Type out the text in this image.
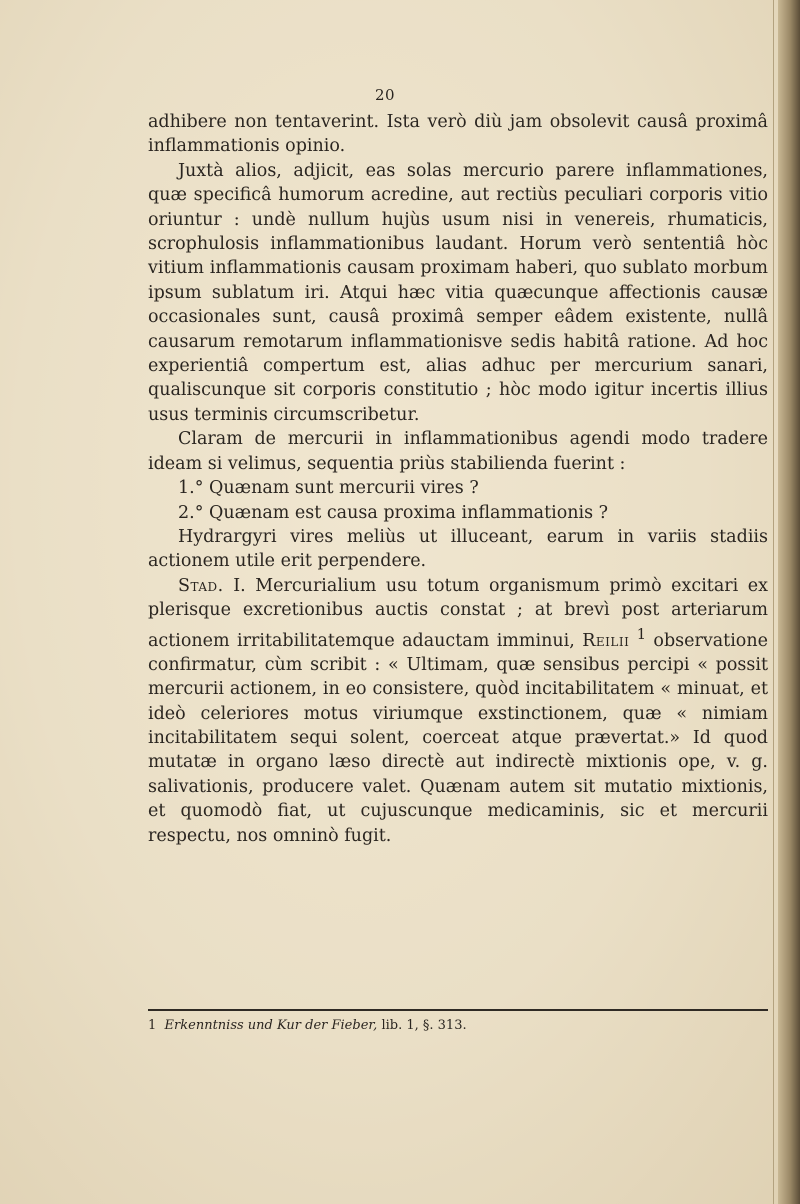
20

adhibere non tentaverint. Ista verò diù jam obsolevit causâ proximâ inflammationis opinio.

Juxtà alios, adjicit, eas solas mercurio parere inflammationes, quæ specificâ humorum acredine, aut rectiùs peculiari corporis vitio oriuntur : undè nullum hujùs usum nisi in venereis, rhumaticis, scrophulosis inflammationibus laudant. Horum verò sententiâ hòc vitium inflammationis causam proximam haberi, quo sublato morbum ipsum sublatum iri. Atqui hæc vitia quæcunque affectionis causæ occasionales sunt, causâ proximâ semper eâdem existente, nullâ causarum remotarum inflammationisve sedis habitâ ratione. Ad hoc experientiâ compertum est, alias adhuc per mercurium sanari, qualiscunque sit corporis constitutio ; hòc modo igitur incertis illius usus terminis circumscribetur.

Claram de mercurii in inflammationibus agendi modo tradere ideam si velimus, sequentia priùs stabilienda fuerint :

1.° Quænam sunt mercurii vires ?

2.° Quænam est causa proxima inflammationis ?

Hydrargyri vires meliùs ut illuceant, earum in variis stadiis actionem utile erit perpendere.

Stad. I. Mercurialium usu totum organismum primò excitari ex plerisque excretionibus auctis constat ; at brevì post arteriarum actionem irritabilitatemque adauctam imminui, Reilii $^1$ observatione confirmatur, cùm scribit : « Ultimam, quæ sensibus percipi « possit mercurii actionem, in eo consistere, quòd incitabilitatem « minuat, et ideò celeriores motus viriumque exstinctionem, quæ « nimiam incitabilitatem sequi solent, coerceat atque prævertat.» Id quod mutatæ in organo læso directè aut indirectè mixtionis ope, v. g. salivationis, producere valet. Quænam autem sit mutatio mixtionis, et quomodò fiat, ut cujuscunque medicaminis, sic et mercurii respectu, nos omninò fugit.

1 Erkenntniss und Kur der Fieber, lib. 1, §. 313.
